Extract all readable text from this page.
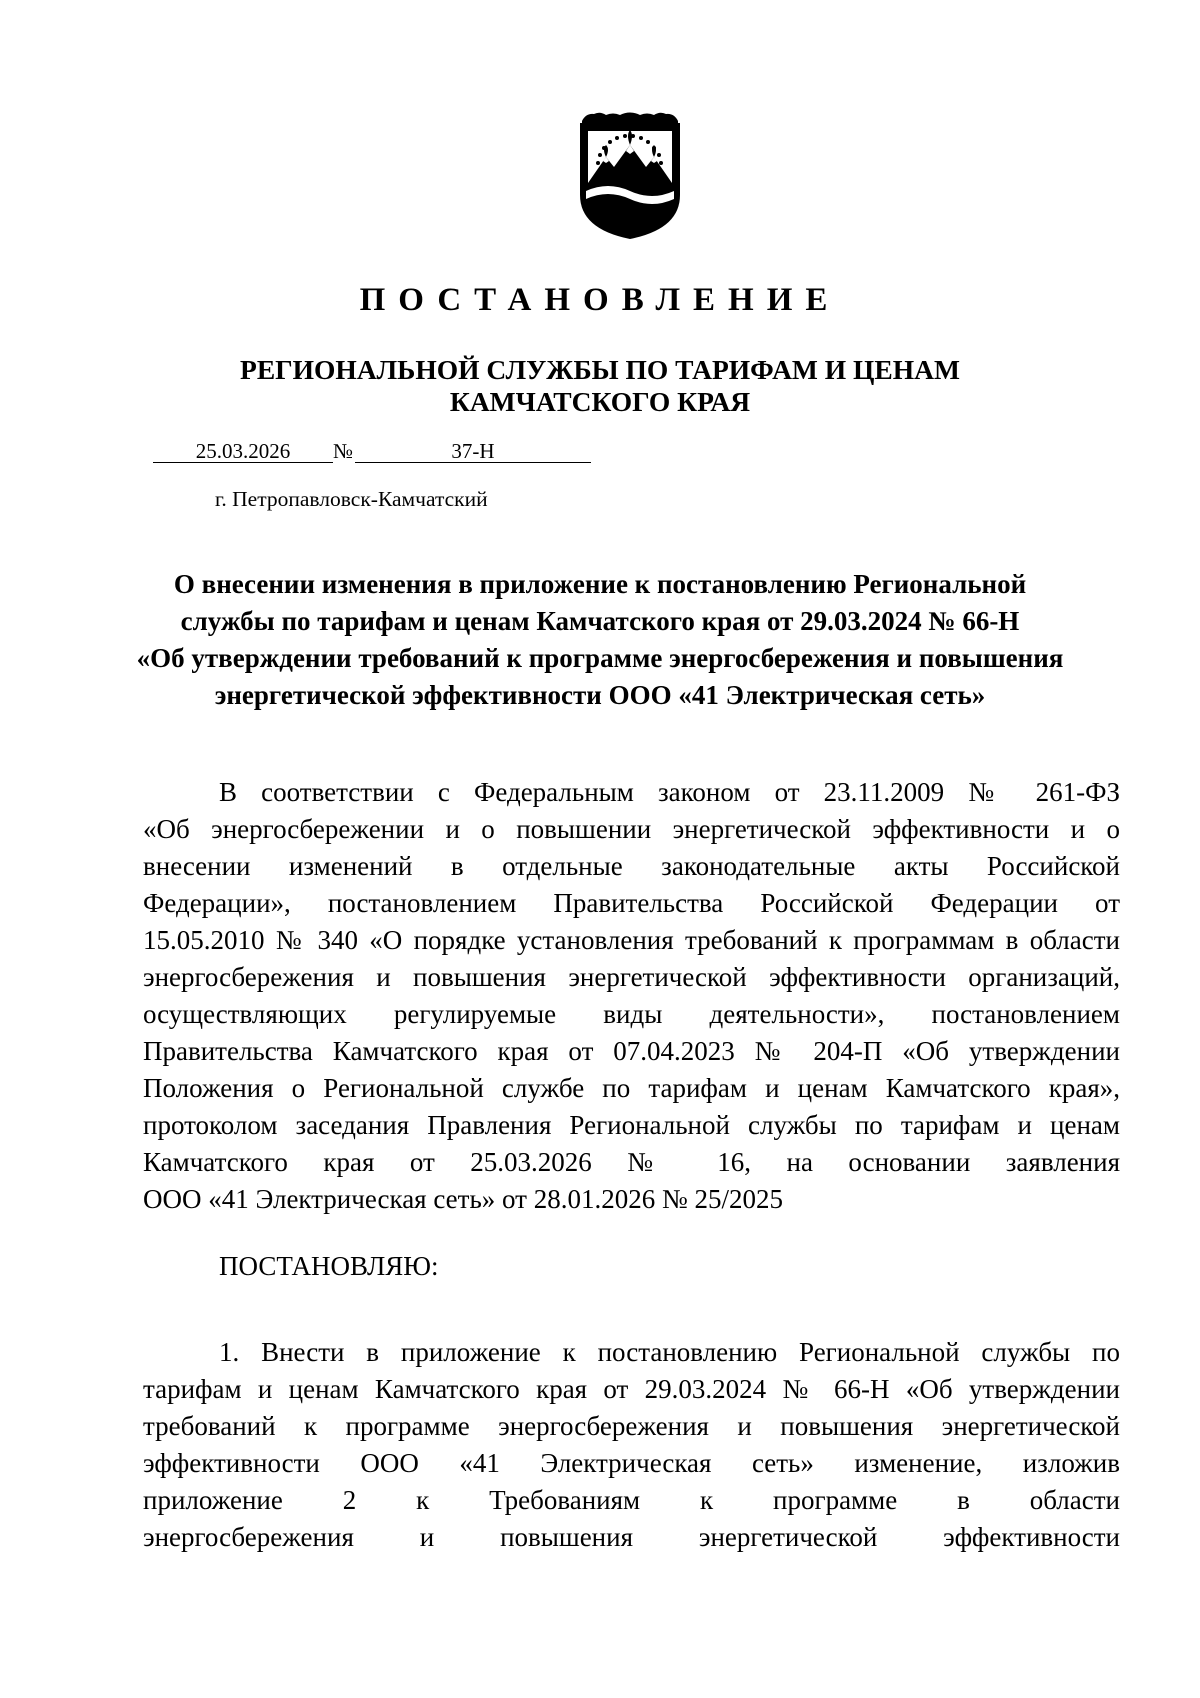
ПОСТАНОВЛЕНИЕ
РЕГИОНАЛЬНОЙ СЛУЖБЫ ПО ТАРИФАМ И ЦЕНАМ
КАМЧАТСКОГО КРАЯ
25.03.2026 №	37-Н
г. Петропавловск-Камчатский
О внесении изменения в приложение к постановлению Региональной
службы по тарифам и ценам Камчатского края от 29.03.2024 № 66-Н
«Об утверждении требований к программе энергосбережения и повышения
энергетической эффективности ООО «41 Электрическая сеть»
В соответствии с Федеральным законом от 23.11.2009 № 261-ФЗ
«Об энергосбережении и о повышении энергетической эффективности и о
внесении изменений в отдельные законодательные акты Российской
Федерации», постановлением Правительства Российской Федерации от
15.05.2010 № 340 «О порядке установления требований к программам в области
энергосбережения и повышения энергетической эффективности организаций,
осуществляющих регулируемые виды деятельности», постановлением
Правительства Камчатского края от 07.04.2023 № 204-П «Об утверждении
Положения о Региональной службе по тарифам и ценам Камчатского края»,
протоколом заседания Правления Региональной службы по тарифам и ценам
Камчатского края от 25.03.2026 № 16, на основании заявления
ООО «41 Электрическая сеть» от 28.01.2026 № 25/2025
ПОСТАНОВЛЯЮ:
1. Внести в приложение к постановлению Региональной службы по
тарифам и ценам Камчатского края от 29.03.2024 № 66-Н «Об утверждении
требований к программе энергосбережения и повышения энергетической
эффективности ООО «41 Электрическая сеть» изменение, изложив
приложение 2 к Требованиям к программе в области
энергосбережения и повышения энергетической эффективности
